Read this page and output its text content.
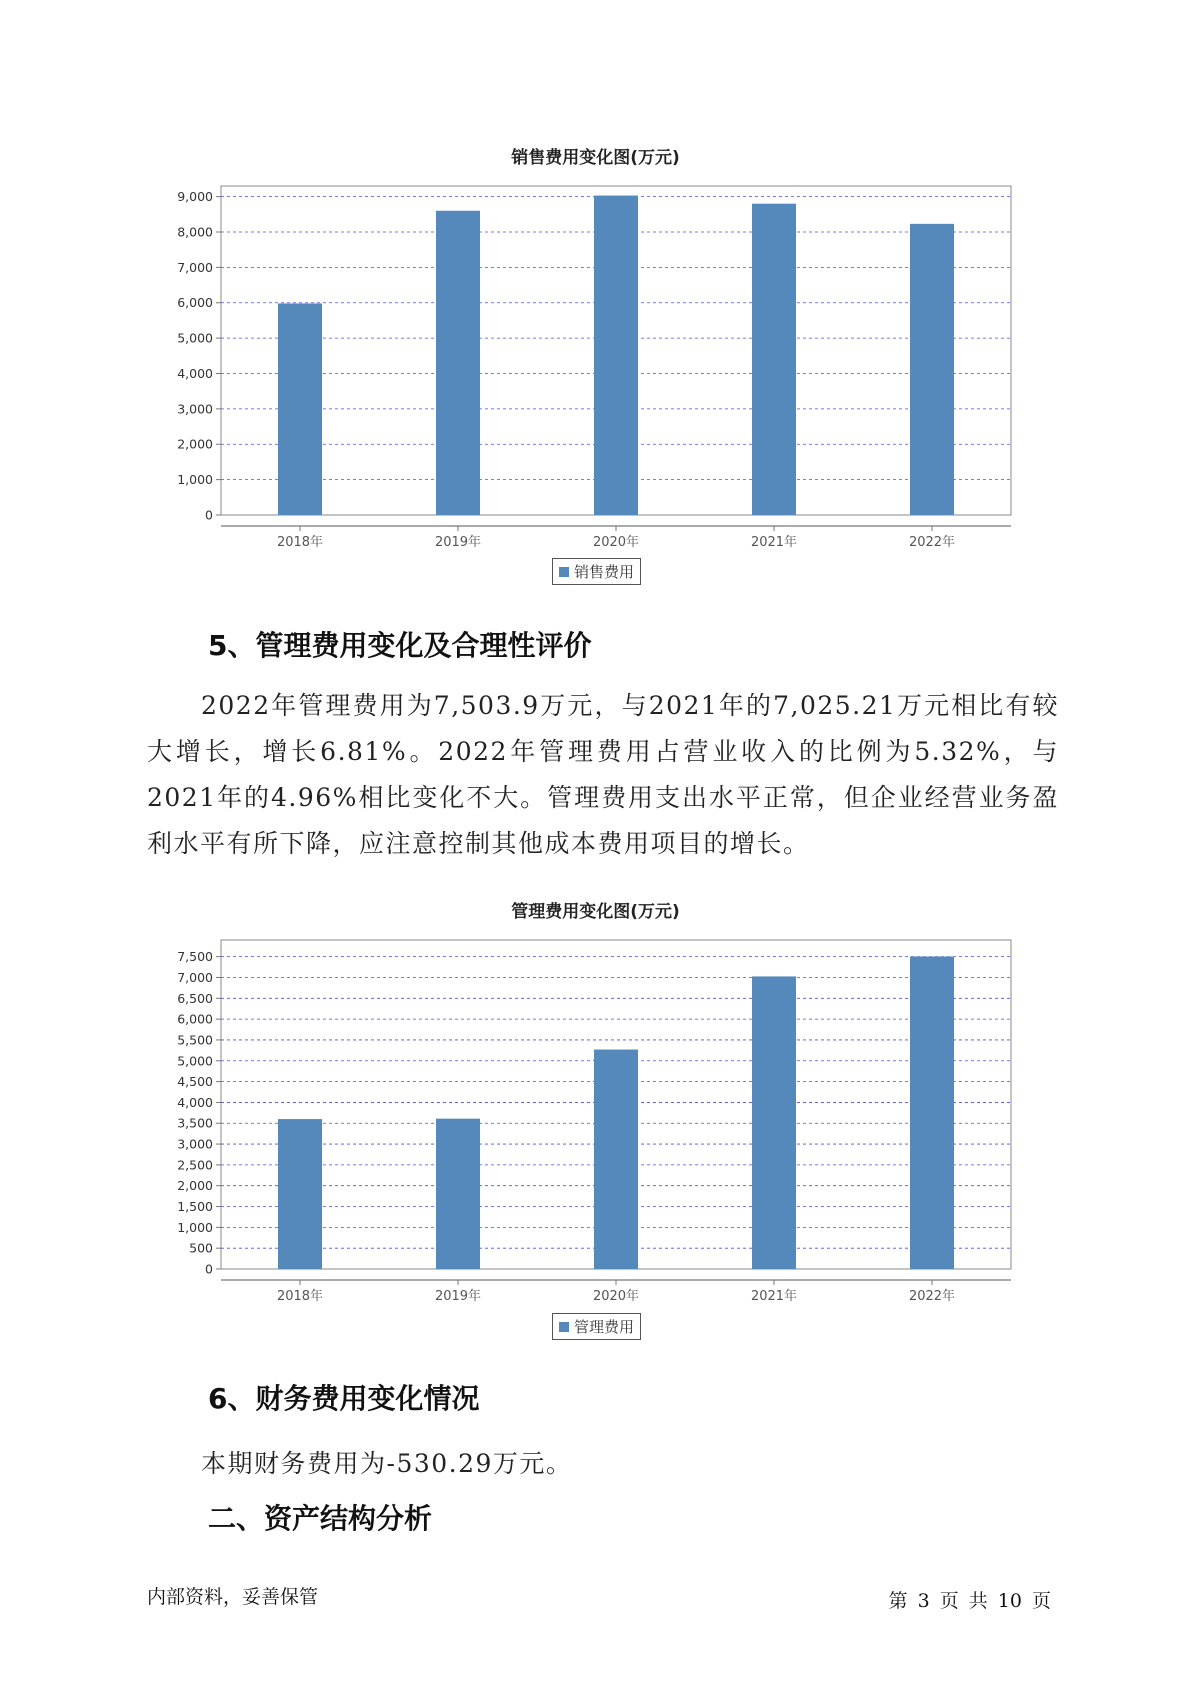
销售费用变化图(万元)
0
1,000
2,000
3,000
4,000
5,000
6,000
7,000
8,000
9,000
2018年	2019年	2020年	2021年	2022年
销售费用
5、管理费用变化及合理性评价
2022年管理费用为7,503.9万元，与2021年的7,025.21万元相比有较大增长，增长6.81%。2022年管理费用占营业收入的比例为5.32%，与2021年的4.96%相比变化不大。管理费用支出水平正常，但企业经营业务盈利水平有所下降，应注意控制其他成本费用项目的增长。
管理费用变化图(万元)
0
500
1,000
1,500
2,000
2,500
3,000
3,500
4,000
4,500
5,000
5,500
6,000
6,500
7,000
7,500
2018年	2019年	2020年	2021年	2022年
管理费用
6、财务费用变化情况
本期财务费用为-530.29万元。
二、资产结构分析
内部资料，妥善保管	第 3 页 共 10 页
